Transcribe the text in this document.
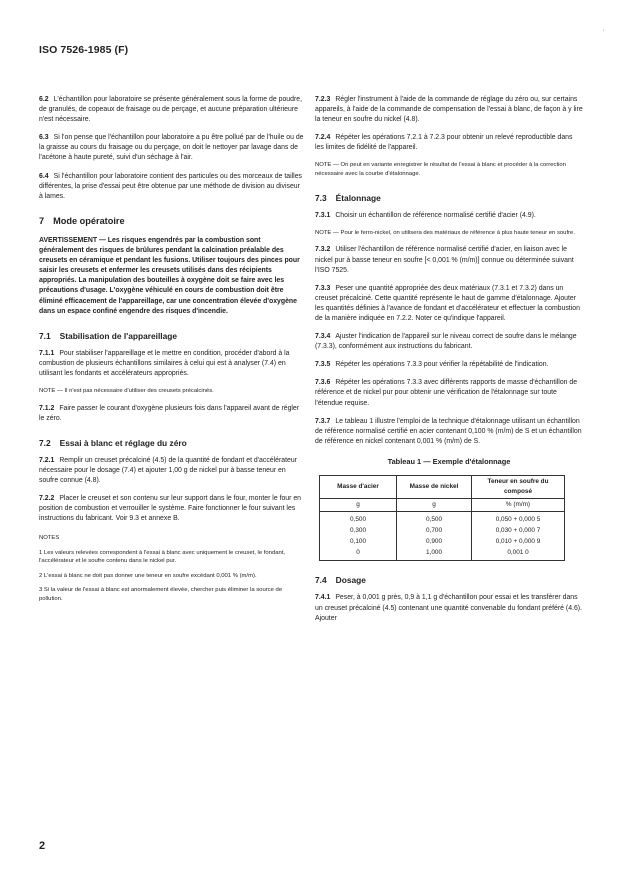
ISO 7526-1985 (F)
'

6.2 L'échantillon pour laboratoire se présente généralement sous la forme de poudre, de granulés, de copeaux de fraisage ou de perçage, et aucune préparation ultérieure n'est nécessaire.

6.3 Si l'on pense que l'échantillon pour laboratoire a pu être pollué par de l'huile ou de la graisse au cours du fraisage ou du perçage, on doit le nettoyer par lavage dans de l'acétone à haute pureté, suivi d'un séchage à l'air.

6.4 Si l'échantillon pour laboratoire contient des particules ou des morceaux de tailles différentes, la prise d'essai peut être obtenue par une méthode de division au diviseur à lames.

7 Mode opératoire

AVERTISSEMENT — Les risques engendrés par la combustion sont généralement des risques de brûlures pendant la calcination préalable des creusets en céramique et pendant les fusions. Utiliser toujours des pinces pour saisir les creusets et enfermer les creusets utilisés dans des récipients appropriés. La manipulation des bouteilles à oxygène doit se faire avec les précautions d'usage. L'oxygène véhiculé en cours de combustion doit être éliminé efficacement de l'appareillage, car une concentration élevée d'oxygène dans un espace confiné engendre des risques d'incendie.

7.1 Stabilisation de l'appareillage

7.1.1 Pour stabiliser l'appareillage et le mettre en condition, procéder d'abord à la combustion de plusieurs échantillons similaires à celui qui est à analyser (7.4) en utilisant les fondants et accélérateurs appropriés.

NOTE — Il n'est pas nécessaire d'utiliser des creusets précalcinés.

7.1.2 Faire passer le courant d'oxygène plusieurs fois dans l'appareil avant de régler le zéro.

7.2 Essai à blanc et réglage du zéro

7.2.1 Remplir un creuset précalciné (4.5) de la quantité de fondant et d'accélérateur nécessaire pour le dosage (7.4) et ajouter 1,00 g de nickel pur à basse teneur en soufre connue (4.8).

7.2.2 Placer le creuset et son contenu sur leur support dans le four, monter le four en position de combustion et verrouiller le système. Faire fonctionner le four suivant les instructions du fabricant. Voir 9.3 et annexe B.

NOTES

1 Les valeurs relevées correspondent à l'essai à blanc avec uniquement le creuset, le fondant, l'accélérateur et le soufre contenu dans le nickel pur.

2 L'essai à blanc ne doit pas donner une teneur en soufre excédant 0,001 % (m/m).

3 Si la valeur de l'essai à blanc est anormalement élevée, chercher puis éliminer la source de pollution.

7.2.3 Régler l'instrument à l'aide de la commande de réglage du zéro ou, sur certains appareils, à l'aide de la commande de compensation de l'essai à blanc, de façon à y lire la teneur en soufre du nickel (4.8).

7.2.4 Répéter les opérations 7.2.1 à 7.2.3 pour obtenir un relevé reproductible dans les limites de fidélité de l'appareil.

NOTE — On peut en variante enregistrer le résultat de l'essai à blanc et procéder à la correction nécessaire avec la courbe d'étalonnage.

7.3 Étalonnage

7.3.1 Choisir un échantillon de référence normalisé certifié d'acier (4.9).

NOTE — Pour le ferro-nickel, on utilisera des matériaux de référence à plus haute teneur en soufre.

7.3.2 Utiliser l'échantillon de référence normalisé certifié d'acier, en liaison avec le nickel pur à basse teneur en soufre [< 0,001 % (m/m)] connue ou déterminée suivant l'ISO 7525.

7.3.3 Peser une quantité appropriée des deux matériaux (7.3.1 et 7.3.2) dans un creuset précalciné. Cette quantité représente le haut de gamme d'étalonnage. Ajouter les quantités définies à l'avance de fondant et d'accélérateur et effectuer la combustion de la manière indiquée en 7.2.2. Noter ce qu'indique l'appareil.

7.3.4 Ajuster l'indication de l'appareil sur le niveau correct de soufre dans le mélange (7.3.3), conformément aux instructions du fabricant.

7.3.5 Répéter les opérations 7.3.3 pour vérifier la répétabilité de l'indication.

7.3.6 Répéter les opérations 7.3.3 avec différents rapports de masse d'échantillon de référence et de nickel pur pour obtenir une vérification de l'étalonnage sur toute l'étendue requise.

7.3.7 Le tableau 1 illustre l'emploi de la technique d'étalonnage utilisant un échantillon de référence normalisé certifié en acier contenant 0,100 % (m/m) de S et un échantillon de référence en nickel contenant 0,001 % (m/m) de S.

Tableau 1 — Exemple d'étalonnage
Masse d'acier	Masse de nickel	Teneur en soufre du composé
g	g	% (m/m)
0,500	0,500	0,050 + 0,000 5
0,300	0,700	0,030 + 0,000 7
0,100	0,900	0,010 + 0,000 9
0	1,000	0,001 0
7.4 Dosage

7.4.1 Peser, à 0,001 g près, 0,9 à 1,1 g d'échantillon pour essai et les transférer dans un creuset précalciné (4.5) contenant une quantité convenable du fondant préféré (4.6). Ajouter

2
